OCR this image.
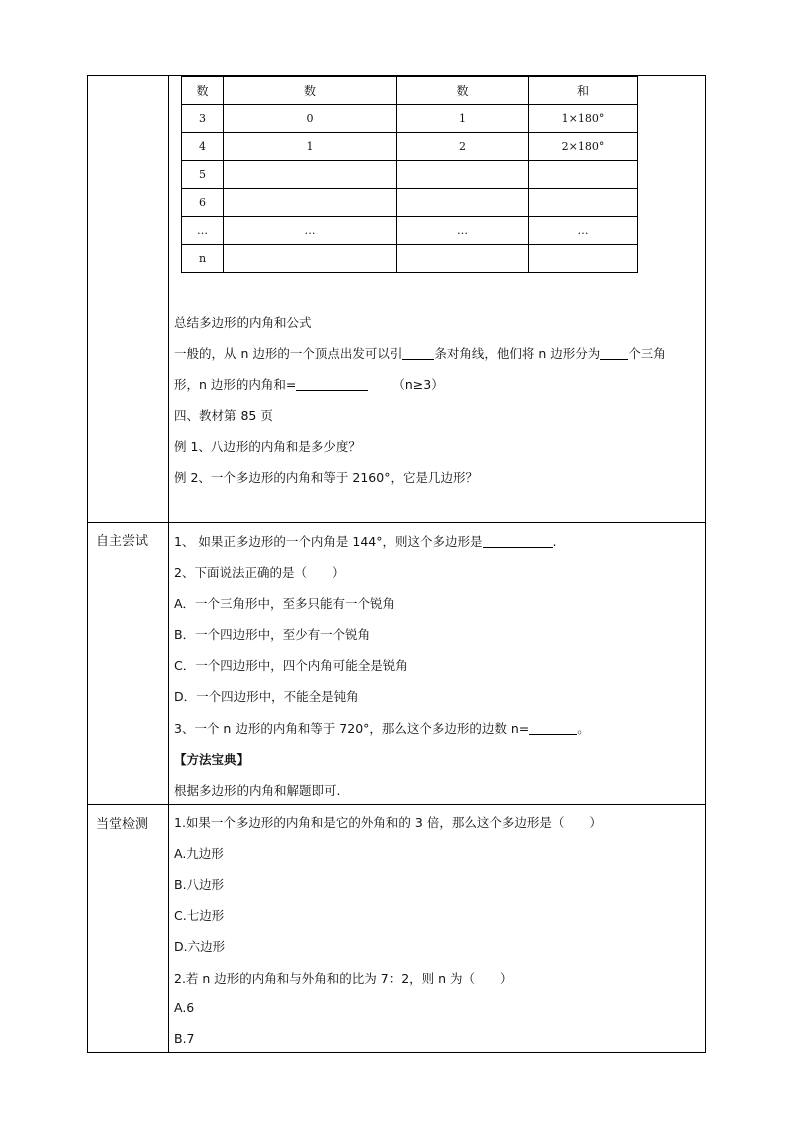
总结多边形的内角和公式
一般的，从 n 边形的一个顶点出发可以引	条对角线，他们将 n 边形分为 个三角
形，n 边形的内角和=	（n≥3）
四、教材第 85 页
例 1、八边形的内角和是多少度？
例 2、一个多边形的内角和等于 2160°，它是几边形？
自主尝试 1、 如果正多边形的一个内角是 144°，则这个多边形是	.
2、下面说法正确的是（　　）
A．一个三角形中，至多只能有一个锐角
B．一个四边形中，至少有一个锐角
C．一个四边形中，四个内角可能全是锐角
D．一个四边形中，不能全是钝角
3、一个 n 边形的内角和等于 720°，那么这个多边形的边数 n=	。
【方法宝典】
根据多边形的内角和解题即可.
当堂检测 1.如果一个多边形的内角和是它的外角和的 3 倍，那么这个多边形是（　　）
A.九边形
B.八边形
C.七边形
D.六边形
2.若 n 边形的内角和与外角和的比为 7：2，则 n 为（　　）
A.6
B.7
数	数	数	和
3	0	1	1×180°
4	1	2	2×180°
5			
6			
…	…	…	…
n			
